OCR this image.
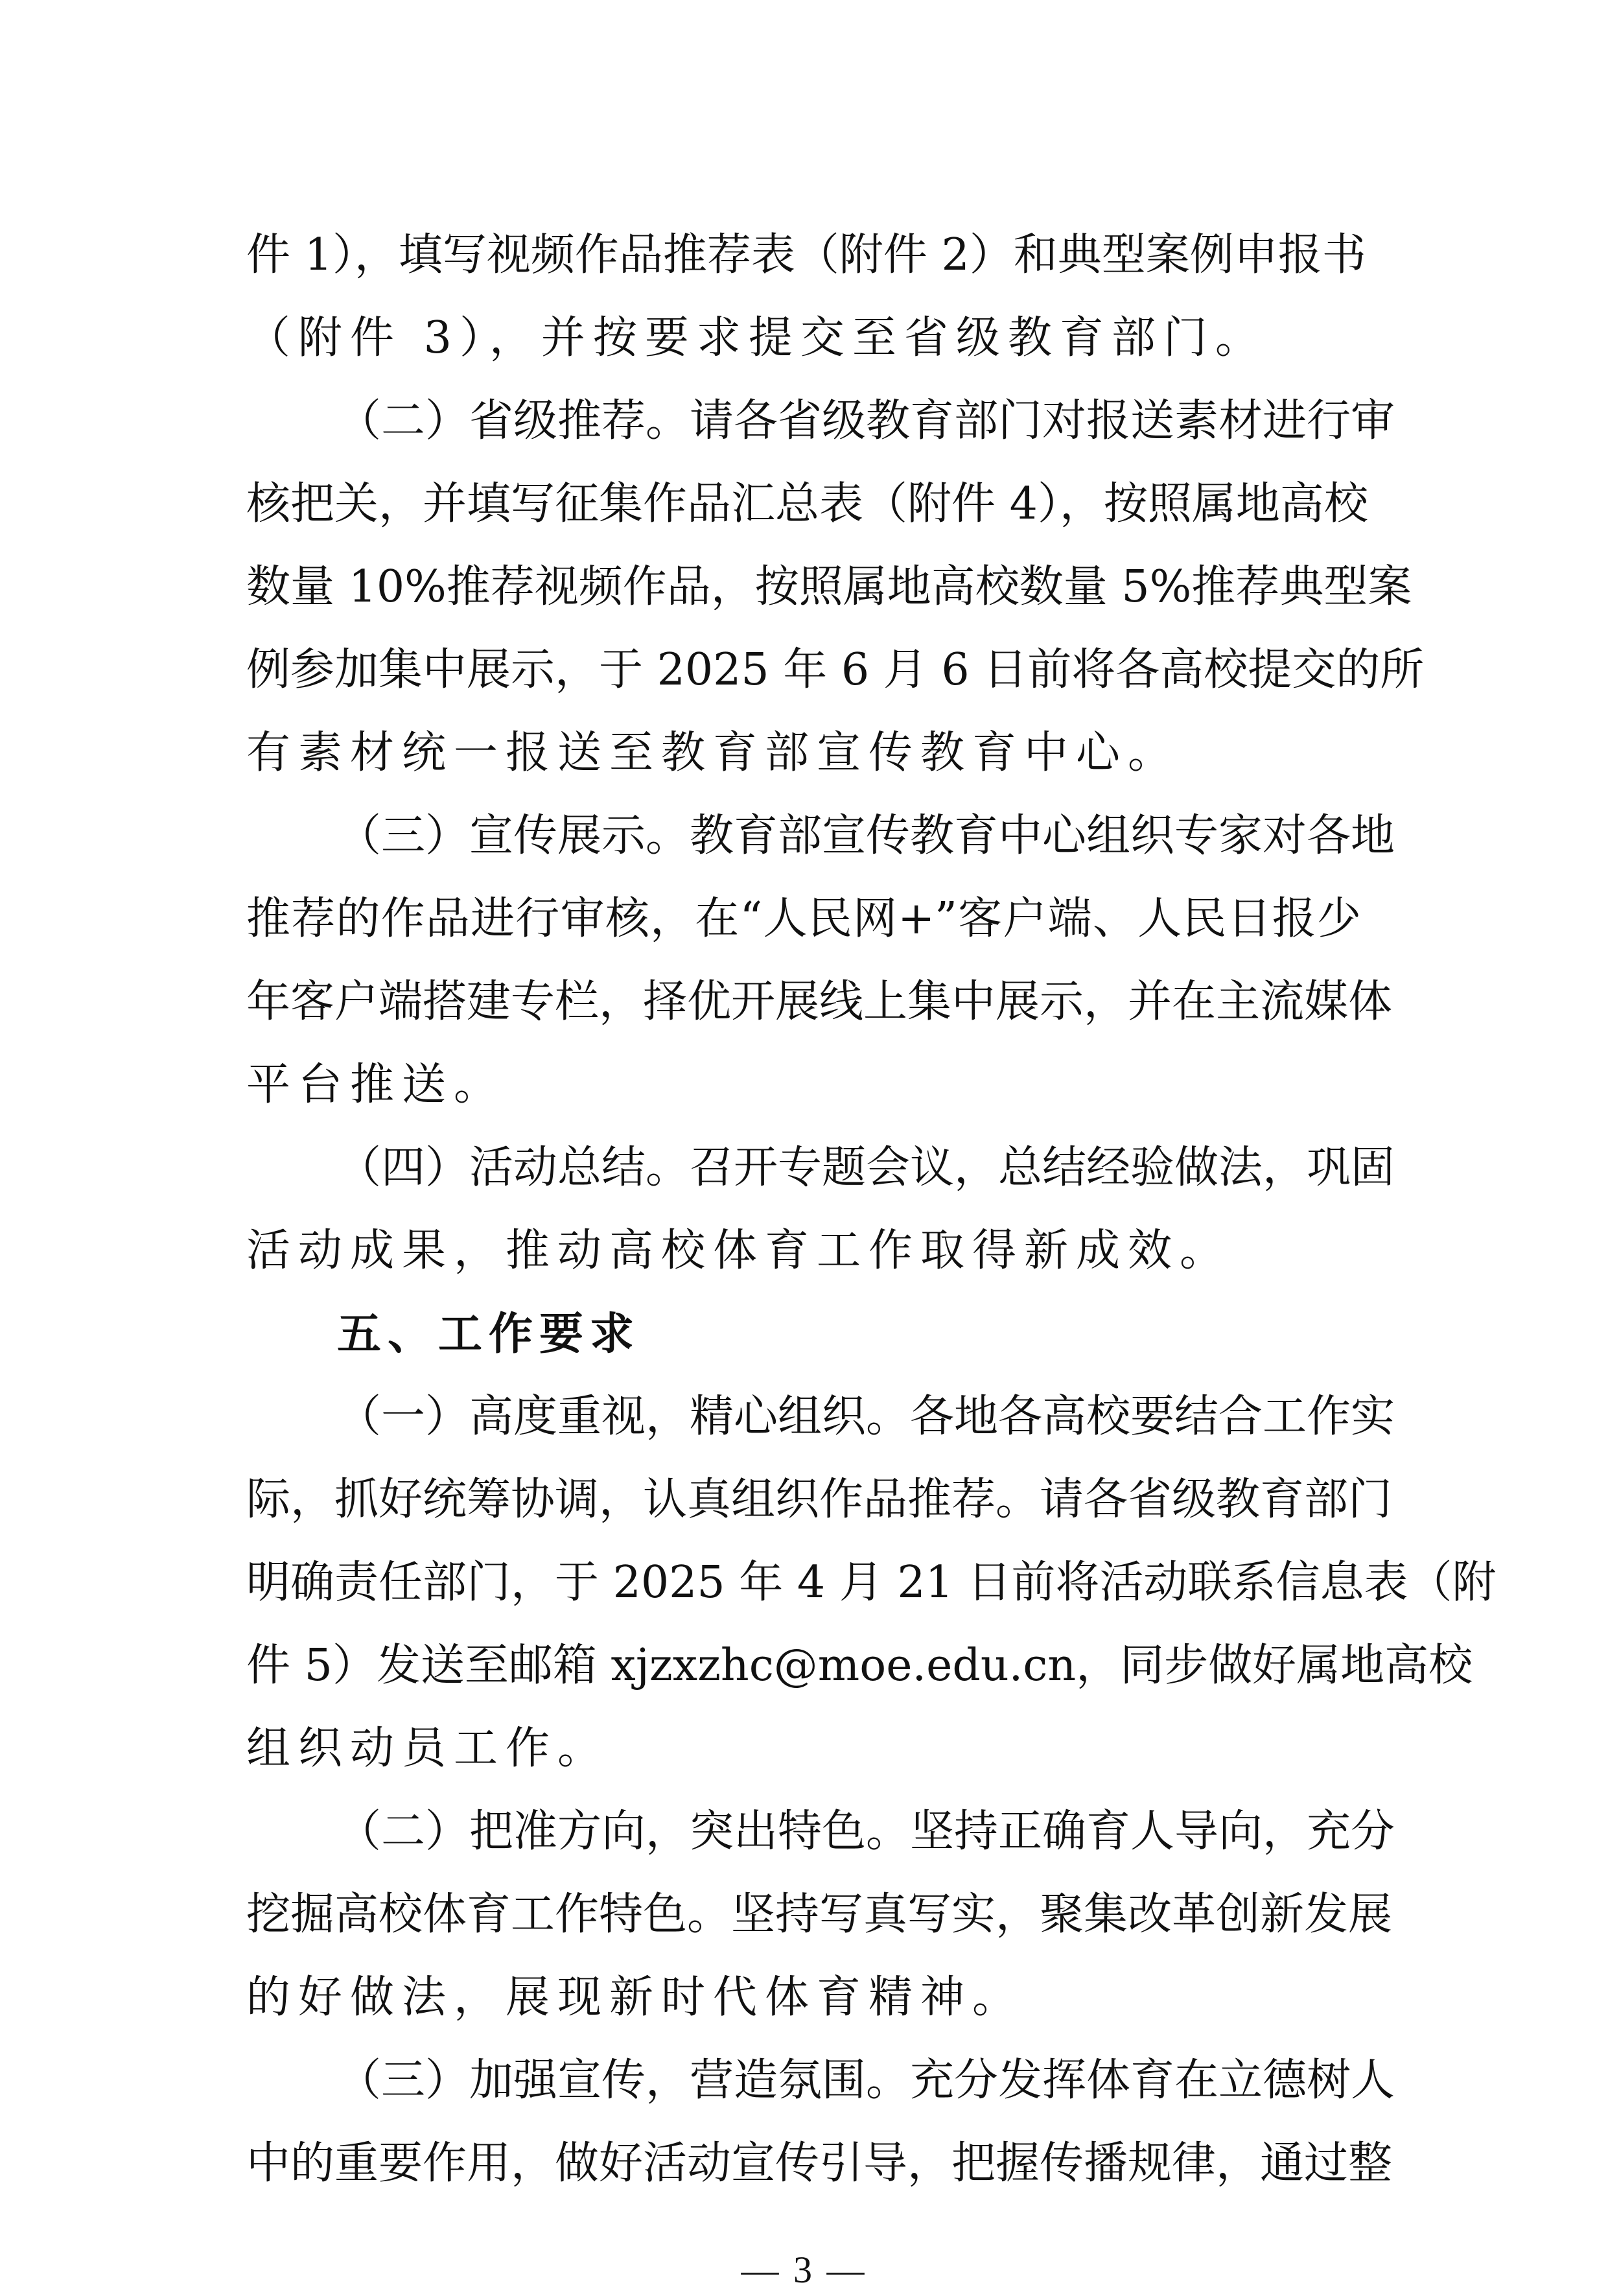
件 1），填写视频作品推荐表（附件 2）和典型案例申报书
（附件 3），并按要求提交至省级教育部门。
（二）省级推荐。请各省级教育部门对报送素材进行审
核把关，并填写征集作品汇总表（附件 4），按照属地高校
数量 10%推荐视频作品，按照属地高校数量 5%推荐典型案
例参加集中展示，于 2025 年 6 月 6 日前将各高校提交的所
有素材统一报送至教育部宣传教育中心。
（三）宣传展示。教育部宣传教育中心组织专家对各地
推荐的作品进行审核，在“人民网+”客户端、人民日报少
年客户端搭建专栏，择优开展线上集中展示，并在主流媒体
平台推送。
（四）活动总结。召开专题会议，总结经验做法，巩固
活动成果，推动高校体育工作取得新成效。
五、工作要求
（一）高度重视，精心组织。各地各高校要结合工作实
际，抓好统筹协调，认真组织作品推荐。请各省级教育部门
明确责任部门，于 2025 年 4 月 21 日前将活动联系信息表（附
件 5）发送至邮箱 xjzxzhc@moe.edu.cn，同步做好属地高校
组织动员工作。
（二）把准方向，突出特色。坚持正确育人导向，充分
挖掘高校体育工作特色。坚持写真写实，聚集改革创新发展
的好做法，展现新时代体育精神。
（三）加强宣传，营造氛围。充分发挥体育在立德树人
中的重要作用，做好活动宣传引导，把握传播规律，通过整
— 3 —
